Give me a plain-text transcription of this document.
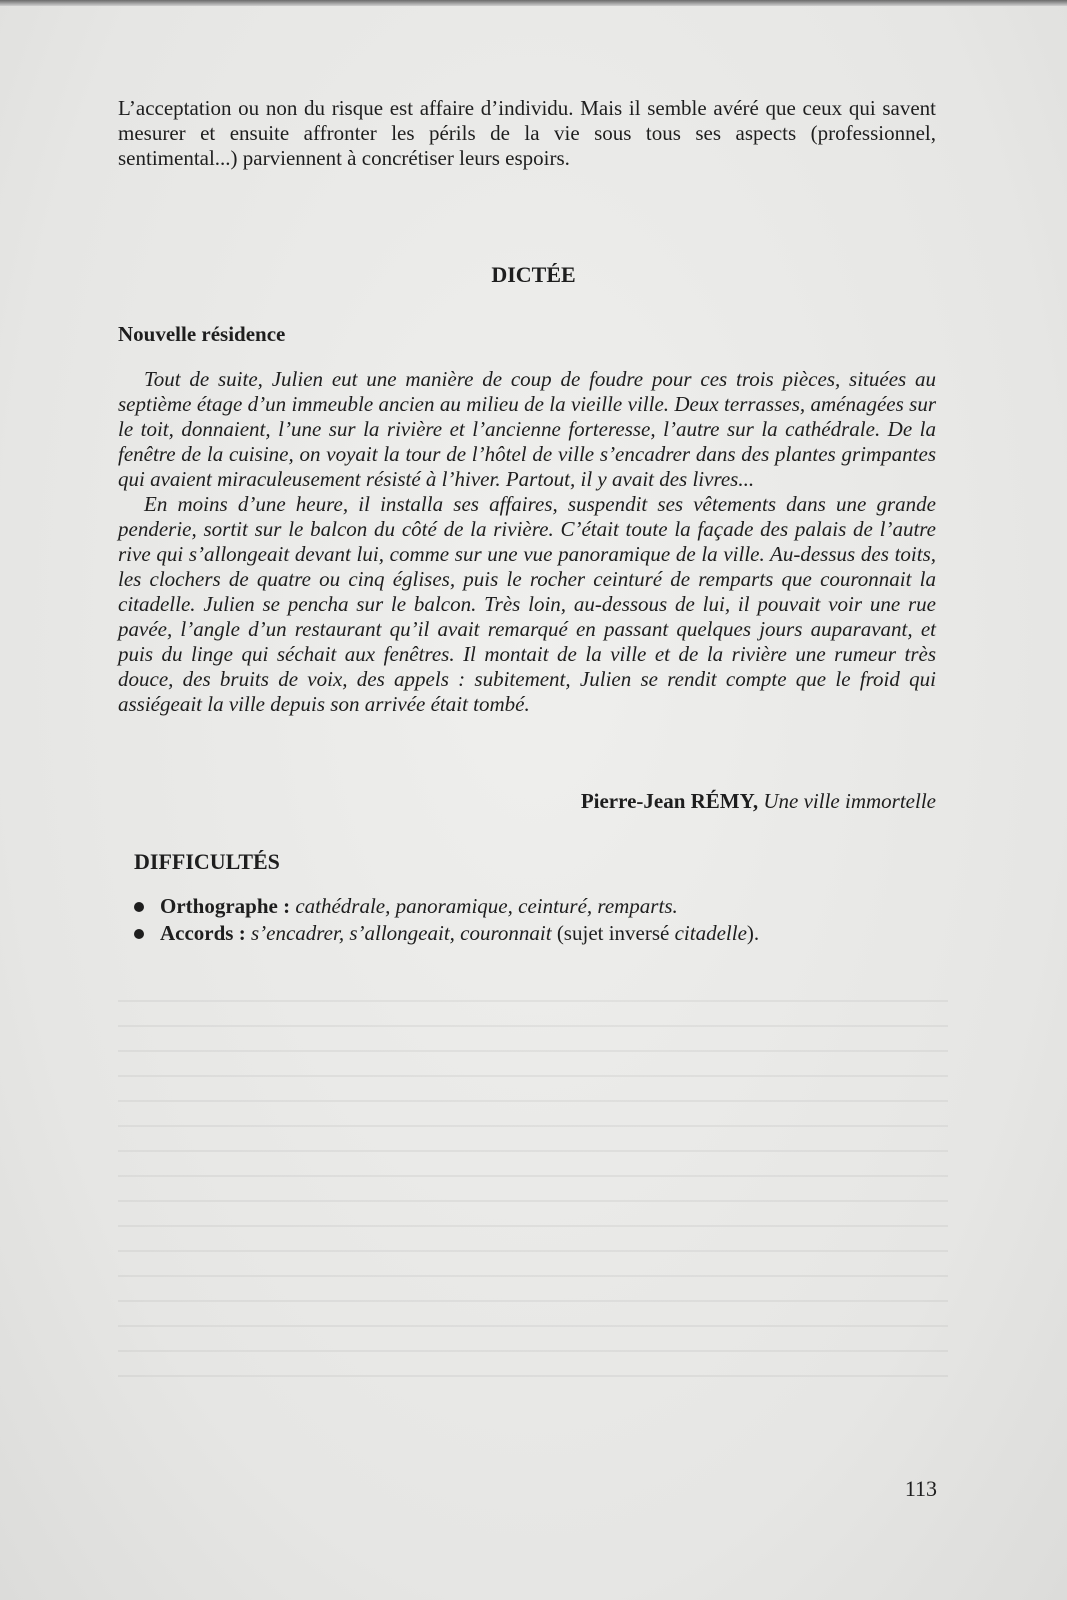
L’acceptation ou non du risque est affaire d’individu. Mais il semble avéré que ceux qui savent mesurer et ensuite affronter les périls de la vie sous tous ses aspects (professionnel, sentimental...) parviennent à concrétiser leurs espoirs.
DICTÉE
Nouvelle résidence

Tout de suite, Julien eut une manière de coup de foudre pour ces trois pièces, situées au septième étage d’un immeuble ancien au milieu de la vieille ville. Deux terrasses, aménagées sur le toit, donnaient, l’une sur la rivière et l’ancienne forteresse, l’autre sur la cathédrale. De la fenêtre de la cuisine, on voyait la tour de l’hôtel de ville s’encadrer dans des plantes grimpantes qui avaient miraculeusement résisté à l’hiver. Partout, il y avait des livres...

En moins d’une heure, il installa ses affaires, suspendit ses vêtements dans une grande penderie, sortit sur le balcon du côté de la rivière. C’était toute la façade des palais de l’autre rive qui s’allongeait devant lui, comme sur une vue panoramique de la ville. Au-dessus des toits, les clochers de quatre ou cinq églises, puis le rocher ceinturé de remparts que couronnait la citadelle. Julien se pencha sur le balcon. Très loin, au-dessous de lui, il pouvait voir une rue pavée, l’angle d’un restaurant qu’il avait remarqué en passant quelques jours auparavant, et puis du linge qui séchait aux fenêtres. Il montait de la ville et de la rivière une rumeur très douce, des bruits de voix, des appels : subitement, Julien se rendit compte que le froid qui assiégeait la ville depuis son arrivée était tombé.

Pierre-Jean RÉMY, Une ville immortelle
DIFFICULTÉS
Orthographe : cathédrale, panoramique, ceinturé, remparts.
Accords : s’encadrer, s’allongeait, couronnait (sujet inversé citadelle).
113
